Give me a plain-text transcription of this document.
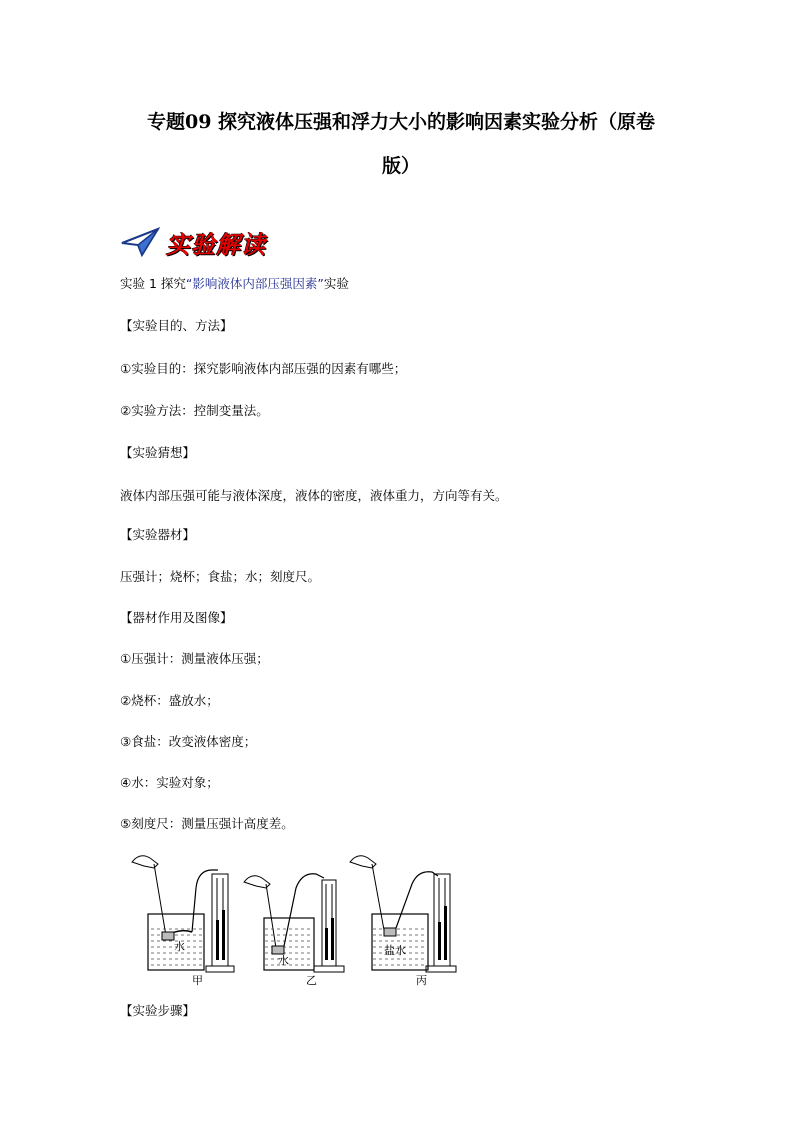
专题09 探究液体压强和浮力大小的影响因素实验分析（原卷
版）
实验解读
实验 1 探究“影响液体内部压强因素”实验
【实验目的、方法】
①实验目的：探究影响液体内部压强的因素有哪些；
②实验方法：控制变量法。
【实验猜想】
液体内部压强可能与液体深度，液体的密度，液体重力，方向等有关。
【实验器材】
压强计；烧杯；食盐；水；刻度尺。
【器材作用及图像】
①压强计：测量液体压强；
②烧杯：盛放水；
③食盐：改变液体密度；
④水：实验对象；
⑤刻度尺：测量压强计高度差。
水
甲
水
乙
盐水
丙
【实验步骤】
